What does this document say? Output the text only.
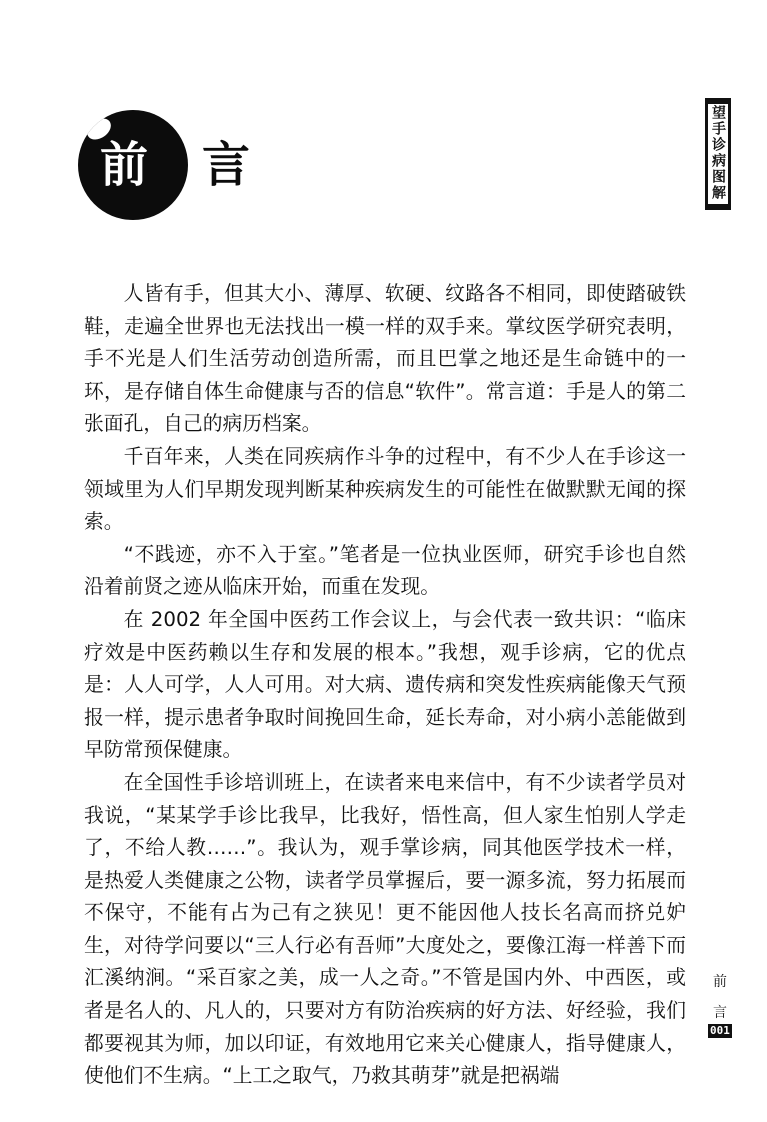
前 言	望手诊病图解

人皆有手，但其大小、薄厚、软硬、纹路各不相同，即使踏破铁鞋，走遍全世界也无法找出一模一样的双手来。掌纹医学研究表明，手不光是人们生活劳动创造所需，而且巴掌之地还是生命链中的一环，是存储自体生命健康与否的信息“软件”。常言道：手是人的第二张面孔，自己的病历档案。

千百年来，人类在同疾病作斗争的过程中，有不少人在手诊这一领域里为人们早期发现判断某种疾病发生的可能性在做默默无闻的探索。

“不践迹，亦不入于室。”笔者是一位执业医师，研究手诊也自然沿着前贤之迹从临床开始，而重在发现。

在 2002 年全国中医药工作会议上，与会代表一致共识：“临床疗效是中医药赖以生存和发展的根本。”我想，观手诊病，它的优点是：人人可学，人人可用。对大病、遗传病和突发性疾病能像天气预报一样，提示患者争取时间挽回生命，延长寿命，对小病小恙能做到早防常预保健康。

在全国性手诊培训班上，在读者来电来信中，有不少读者学员对我说，“某某学手诊比我早，比我好，悟性高，但人家生怕别人学走了，不给人教……”。我认为，观手掌诊病，同其他医学技术一样，是热爱人类健康之公物，读者学员掌握后，要一源多流，努力拓展而不保守，不能有占为己有之狭见！更不能因他人技长名高而挤兑妒生，对待学问要以“三人行必有吾师”大度处之，要像江海一样善下而汇溪纳涧。“采百家之美，成一人之奇。”不管是国内外、中西医，或者是名人的、凡人的，只要对方有防治疾病的好方法、好经验，我们都要视其为师，加以印证，有效地用它来关心健康人，指导健康人，使他们不生病。“上工之取气，乃救其萌芽”就是把祸端

前
言
001
